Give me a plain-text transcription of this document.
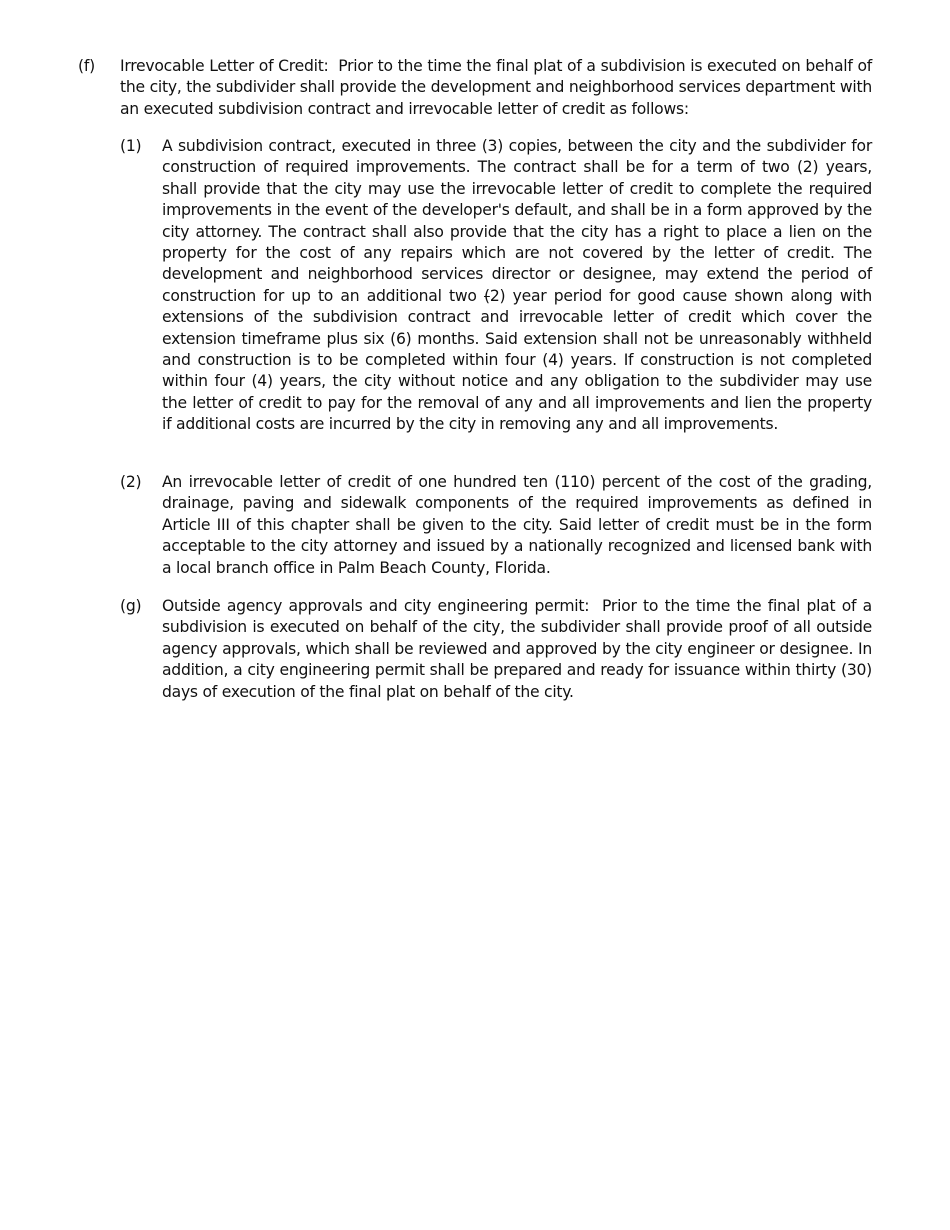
(f) Irrevocable Letter of Credit: Prior to the time the final plat of a subdivision is executed on behalf of the city, the subdivider shall provide the development and neighborhood services department with an executed subdivision contract and irrevocable letter of credit as follows:
(1) A subdivision contract, executed in three (3) copies, between the city and the subdivider for construction of required improvements. The contract shall be for a term of two (2) years, shall provide that the city may use the irrevocable letter of credit to complete the required improvements in the event of the developer's default, and shall be in a form approved by the city attorney. The contract shall also provide that the city has a right to place a lien on the property for the cost of any repairs which are not covered by the letter of credit. The development and neighborhood services director or designee, may extend the period of construction for up to an additional two (2) year period for good cause shown along with extensions of the subdivision contract and irrevocable letter of credit which cover the extension timeframe plus six (6) months. Said extension shall not be unreasonably withheld and construction is to be completed within four (4) years. If construction is not completed within four (4) years, the city without notice and any obligation to the subdivider may use the letter of credit to pay for the removal of any and all improvements and lien the property if additional costs are incurred by the city in removing any and all improvements.
(2) An irrevocable letter of credit of one hundred ten (110) percent of the cost of the grading, drainage, paving and sidewalk components of the required improvements as defined in Article III of this chapter shall be given to the city. Said letter of credit must be in the form acceptable to the city attorney and issued by a nationally recognized and licensed bank with a local branch office in Palm Beach County, Florida.
(g) Outside agency approvals and city engineering permit: Prior to the time the final plat of a subdivision is executed on behalf of the city, the subdivider shall provide proof of all outside agency approvals, which shall be reviewed and approved by the city engineer or designee. In addition, a city engineering permit shall be prepared and ready for issuance within thirty (30) days of execution of the final plat on behalf of the city.
